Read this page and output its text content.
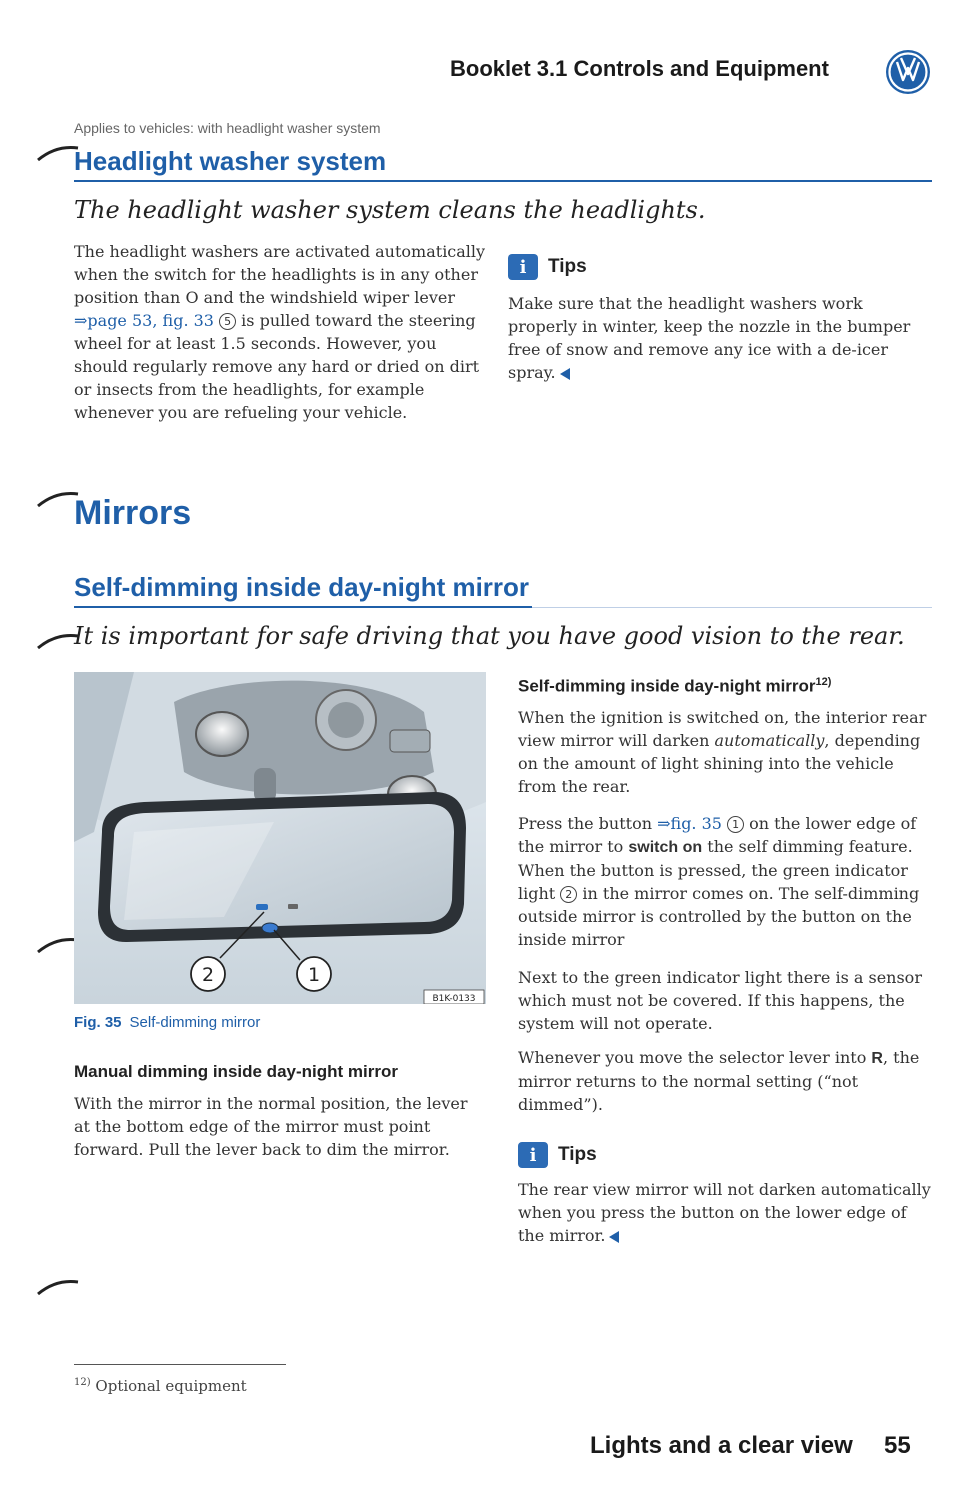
Booklet 3.1 Controls and Equipment
Applies to vehicles: with headlight washer system
Headlight washer system
The headlight washer system cleans the headlights.
The headlight washers are activated automatically when the switch for the headlights is in any other position than O and the windshield wiper lever ⇒page 53, fig. 33 5 is pulled toward the steering wheel for at least 1.5 seconds. However, you should regularly remove any hard or dried on dirt or insects from the headlights, for example whenever you are refueling your vehicle.
i	Tips
Make sure that the headlight washers work properly in winter, keep the nozzle in the bumper free of snow and remove any ice with a de-icer spray.
Mirrors
Self-dimming inside day-night mirror
It is important for safe driving that you have good vision to the rear.
2	1
B1K-0133
Fig. 35 Self-dimming mirror
Manual dimming inside day-night mirror
With the mirror in the normal position, the lever at the bottom edge of the mirror must point forward. Pull the lever back to dim the mirror.
Self-dimming inside day-night mirror$^{12)}$
When the ignition is switched on, the interior rear view mirror will darken automatically, depending on the amount of light shining into the vehicle from the rear.
Press the button ⇒fig. 35 1 on the lower edge of the mirror to switch on the self dimming feature. When the button is pressed, the green indicator light 2 in the mirror comes on. The self-dimming outside mirror is controlled by the button on the inside mirror
Next to the green indicator light there is a sensor which must not be covered. If this happens, the system will not operate.
Whenever you move the selector lever into R, the mirror returns to the normal setting (“not dimmed”).
i	Tips
The rear view mirror will not darken automatically when you press the button on the lower edge of the mirror.
$^{12)}$ Optional equipment
Lights and a clear view 55
